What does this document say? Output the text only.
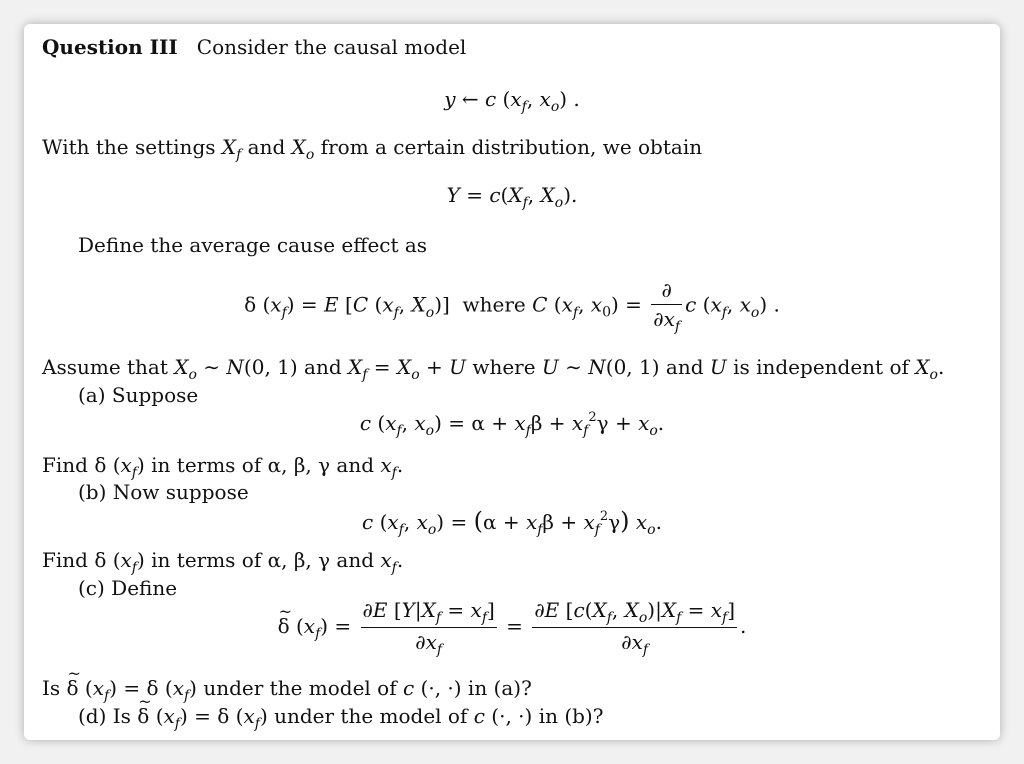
Question III Consider the causal model
y ← c ($x_f$, $x_o$) .
With the settings $X_f$ and $X_o$ from a certain distribution, we obtain
$Y = c(X_f$, $X_o$).
Define the average cause effect as
δ $(x_f) = E$ [C ($x_f$, $X_o$)]  where C ($x_f$, $x_0) = \frac{\partial}{\partial x_f}$ c ($x_f$, $x_o$) .
Assume that $X_o$ ∼ N(0, 1) and $X_f = X_o + U$ where U ∼ N(0, 1) and U is independent of $X_o$.
(a) Suppose
c ($x_f$, $x_o) = \alpha + x_f\beta + x_f^2\gamma + x_o$.
Find δ $(x_f)$ in terms of α, β, γ and $x_f$.
(b) Now suppose
c ($x_f$, $x_o) = (\alpha + x_f\beta + x_f^2\gamma)$ $x_o$.
Find δ $(x_f)$ in terms of α, β, γ and $x_f$.
(c) Define
~ δ $(x_f) = \frac{\partial E [Y|X_f = x_f]}{\partial x_f} = \frac{\partial E [c(X_f, X_o)|X_f = x_f]}{\partial x_f}$ .
Is ~ δ $(x_f) = \delta$ $(x_f)$ under the model of c (·, ·) in (a)?
(d) Is ~ δ $(x_f) = \delta$ $(x_f)$ under the model of c (·, ·) in (b)?
